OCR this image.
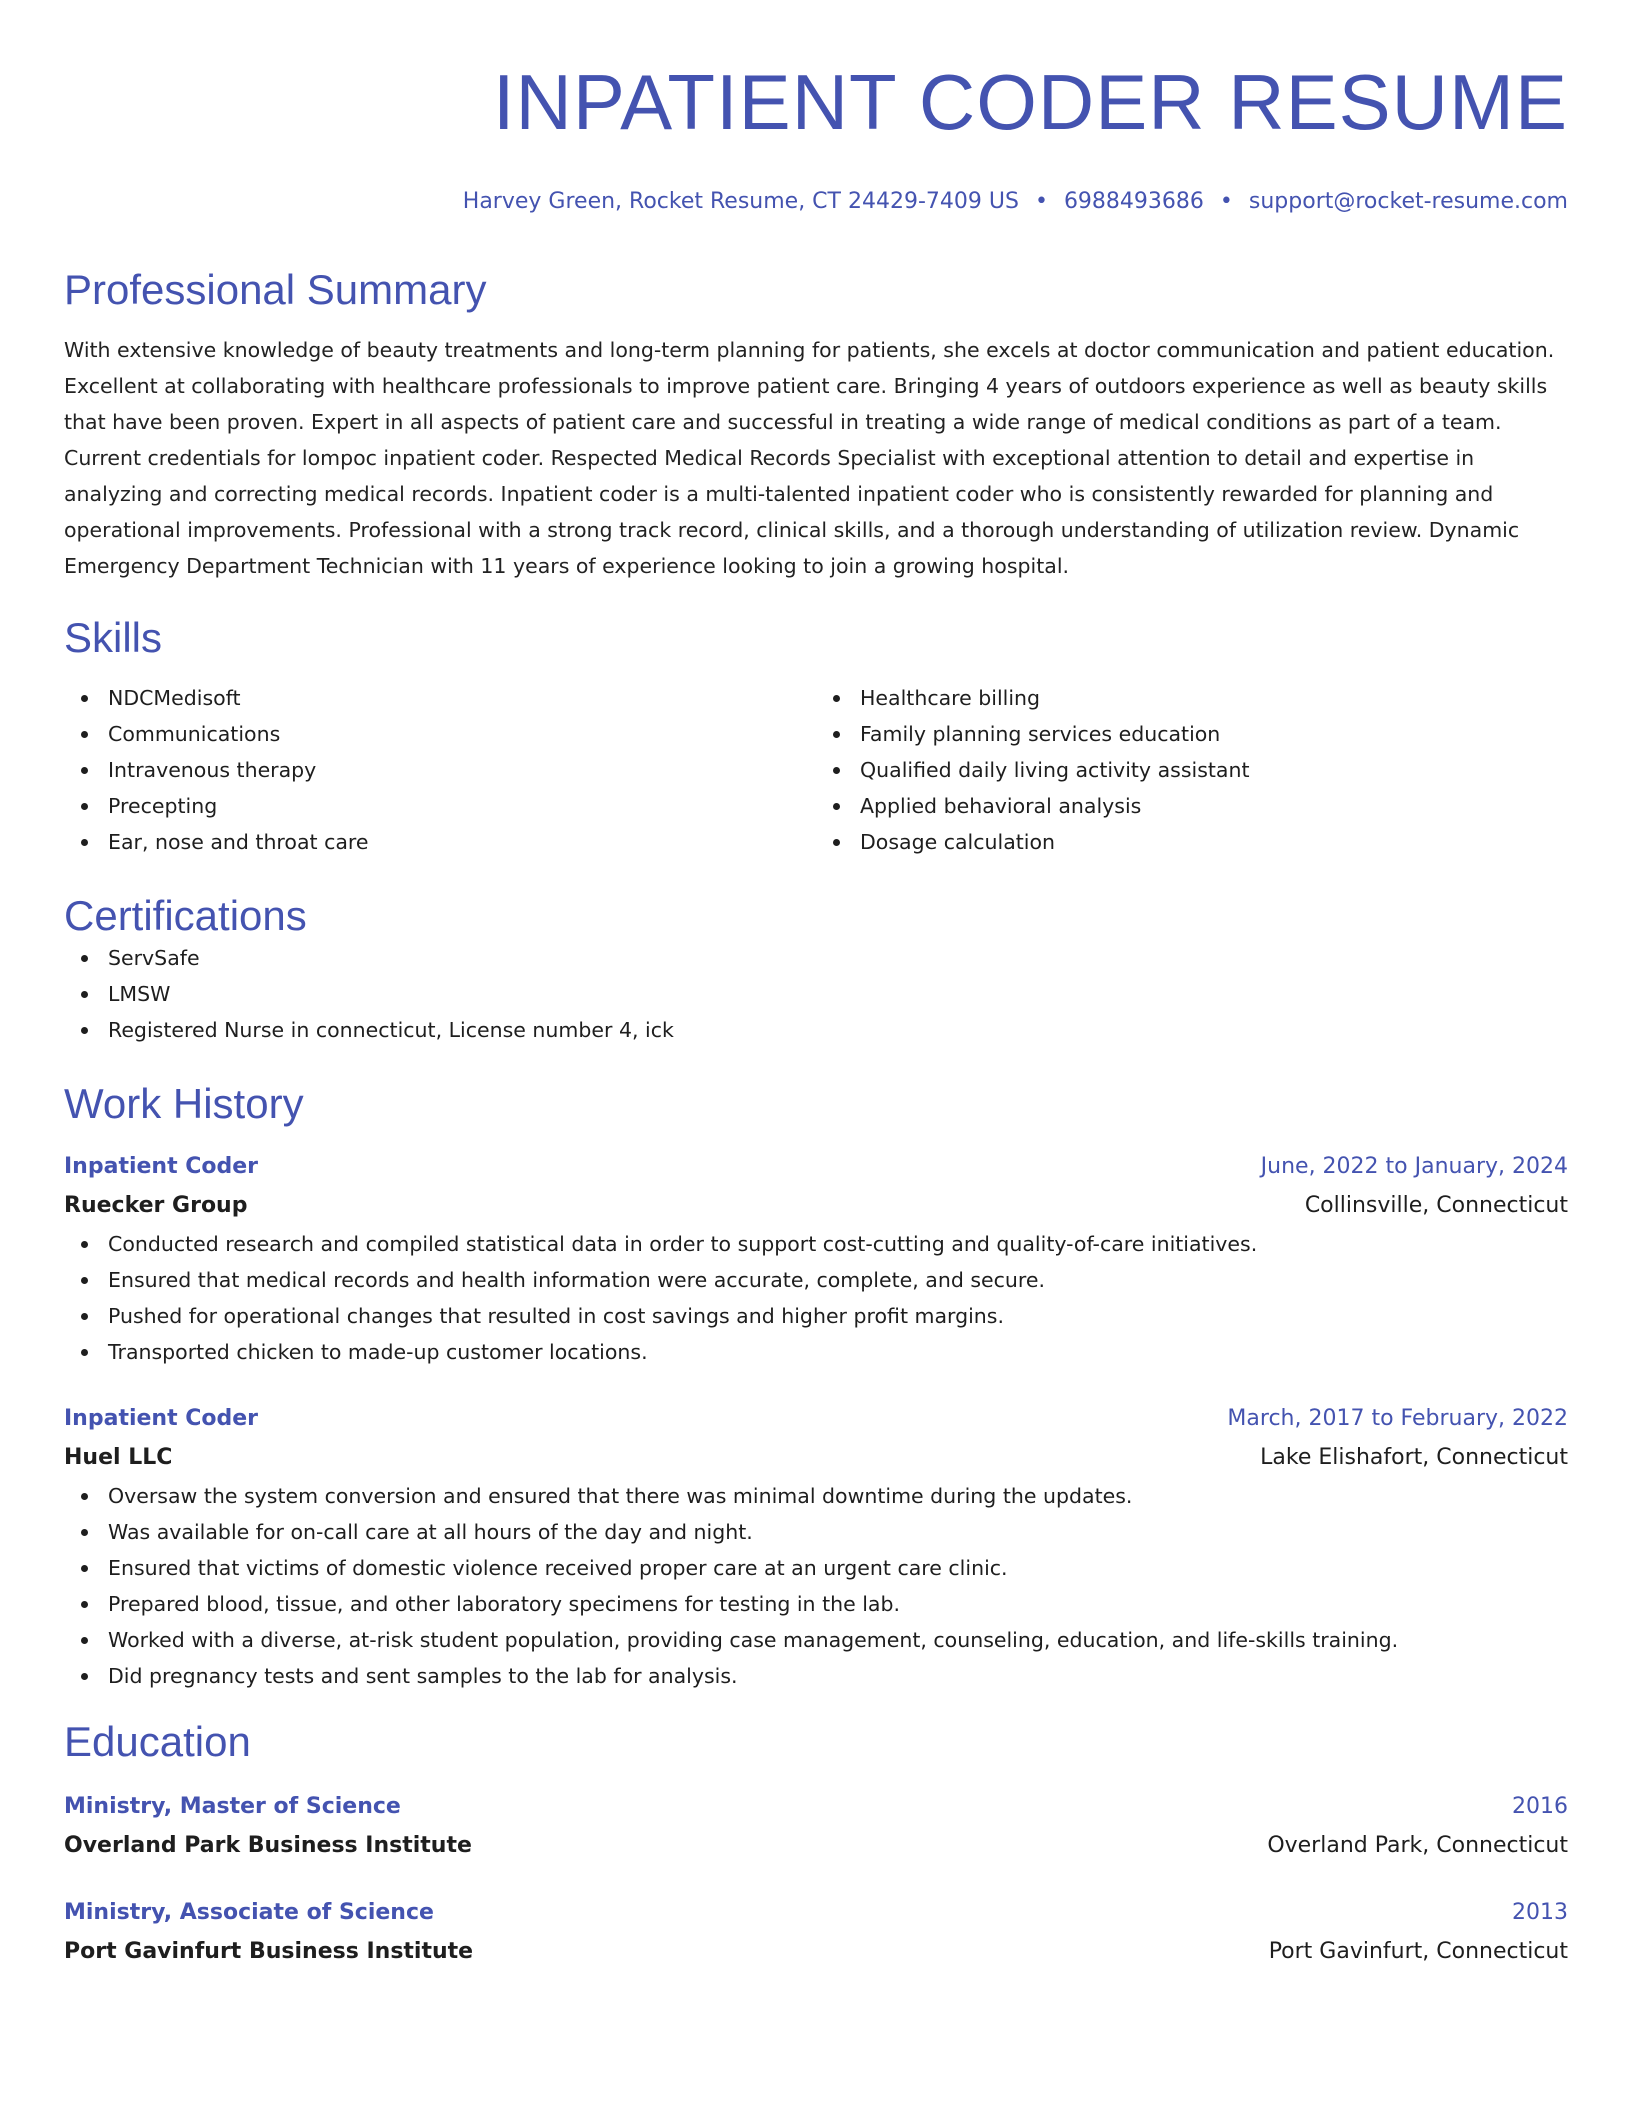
INPATIENT CODER RESUME
Harvey Green, Rocket Resume, CT 24429-7409 US • 6988493686 • support@rocket-resume.com
Professional Summary
With extensive knowledge of beauty treatments and long-term planning for patients, she excels at doctor communication and patient education. Excellent at collaborating with healthcare professionals to improve patient care. Bringing 4 years of outdoors experience as well as beauty skills that have been proven. Expert in all aspects of patient care and successful in treating a wide range of medical conditions as part of a team. Current credentials for lompoc inpatient coder. Respected Medical Records Specialist with exceptional attention to detail and expertise in analyzing and correcting medical records. Inpatient coder is a multi-talented inpatient coder who is consistently rewarded for planning and operational improvements. Professional with a strong track record, clinical skills, and a thorough understanding of utilization review. Dynamic Emergency Department Technician with 11 years of experience looking to join a growing hospital.
Skills
NDCMedisoft
Communications
Intravenous therapy
Precepting
Ear, nose and throat care
Healthcare billing
Family planning services education
Qualified daily living activity assistant
Applied behavioral analysis
Dosage calculation
Certifications
ServSafe
LMSW
Registered Nurse in connecticut, License number 4, ick
Work History
Inpatient Coder	June, 2022 to January, 2024
Ruecker Group	Collinsville, Connecticut
Conducted research and compiled statistical data in order to support cost-cutting and quality-of-care initiatives.
Ensured that medical records and health information were accurate, complete, and secure.
Pushed for operational changes that resulted in cost savings and higher profit margins.
Transported chicken to made-up customer locations.
Inpatient Coder	March, 2017 to February, 2022
Huel LLC	Lake Elishafort, Connecticut
Oversaw the system conversion and ensured that there was minimal downtime during the updates.
Was available for on-call care at all hours of the day and night.
Ensured that victims of domestic violence received proper care at an urgent care clinic.
Prepared blood, tissue, and other laboratory specimens for testing in the lab.
Worked with a diverse, at-risk student population, providing case management, counseling, education, and life-skills training.
Did pregnancy tests and sent samples to the lab for analysis.
Education
Ministry, Master of Science	2016
Overland Park Business Institute	Overland Park, Connecticut
Ministry, Associate of Science	2013
Port Gavinfurt Business Institute	Port Gavinfurt, Connecticut
